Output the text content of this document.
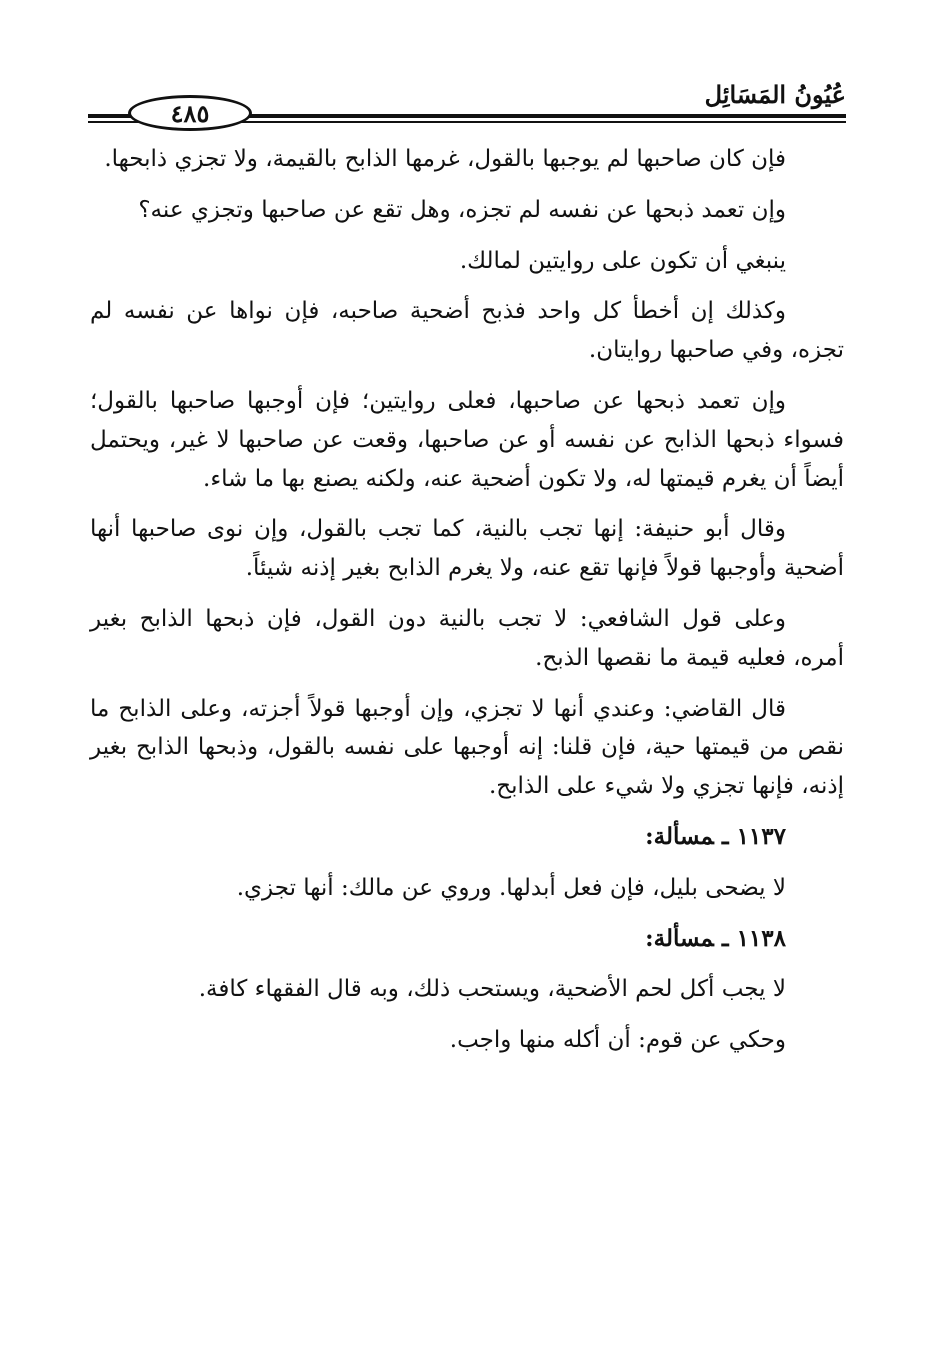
٤٨٥
عُيُونُ المَسَائِل

فإن كان صاحبها لم يوجبها بالقول، غرمها الذابح بالقيمة، ولا تجزي ذابحها.

وإن تعمد ذبحها عن نفسه لم تجزه، وهل تقع عن صاحبها وتجزي عنه؟

ينبغي أن تكون على روايتين لمالك.

وكذلك إن أخطأ كل واحد فذبح أضحية صاحبه، فإن نواها عن نفسه لم تجزه، وفي صاحبها روايتان.

وإن تعمد ذبحها عن صاحبها، فعلى روايتين؛ فإن أوجبها صاحبها بالقول؛ فسواء ذبحها الذابح عن نفسه أو عن صاحبها، وقعت عن صاحبها لا غير، ويحتمل أيضاً أن يغرم قيمتها له، ولا تكون أضحية عنه، ولكنه يصنع بها ما شاء.

وقال أبو حنيفة: إنها تجب بالنية، كما تجب بالقول، وإن نوى صاحبها أنها أضحية وأوجبها قولاً فإنها تقع عنه، ولا يغرم الذابح بغير إذنه شيئاً.

وعلى قول الشافعي: لا تجب بالنية دون القول، فإن ذبحها الذابح بغير أمره، فعليه قيمة ما نقصها الذبح.

قال القاضي: وعندي أنها لا تجزي، وإن أوجبها قولاً أجزته، وعلى الذابح ما نقص من قيمتها حية، فإن قلنا: إنه أوجبها على نفسه بالقول، وذبحها الذابح بغير إذنه، فإنها تجزي ولا شيء على الذابح.

١١٣٧ـمسألة:

لا يضحى بليل، فإن فعل أبدلها. وروي عن مالك: أنها تجزي.

١١٣٨ـمسألة:

لا يجب أكل لحم الأضحية، ويستحب ذلك، وبه قال الفقهاء كافة.

وحكي عن قوم: أن أكله منها واجب.
